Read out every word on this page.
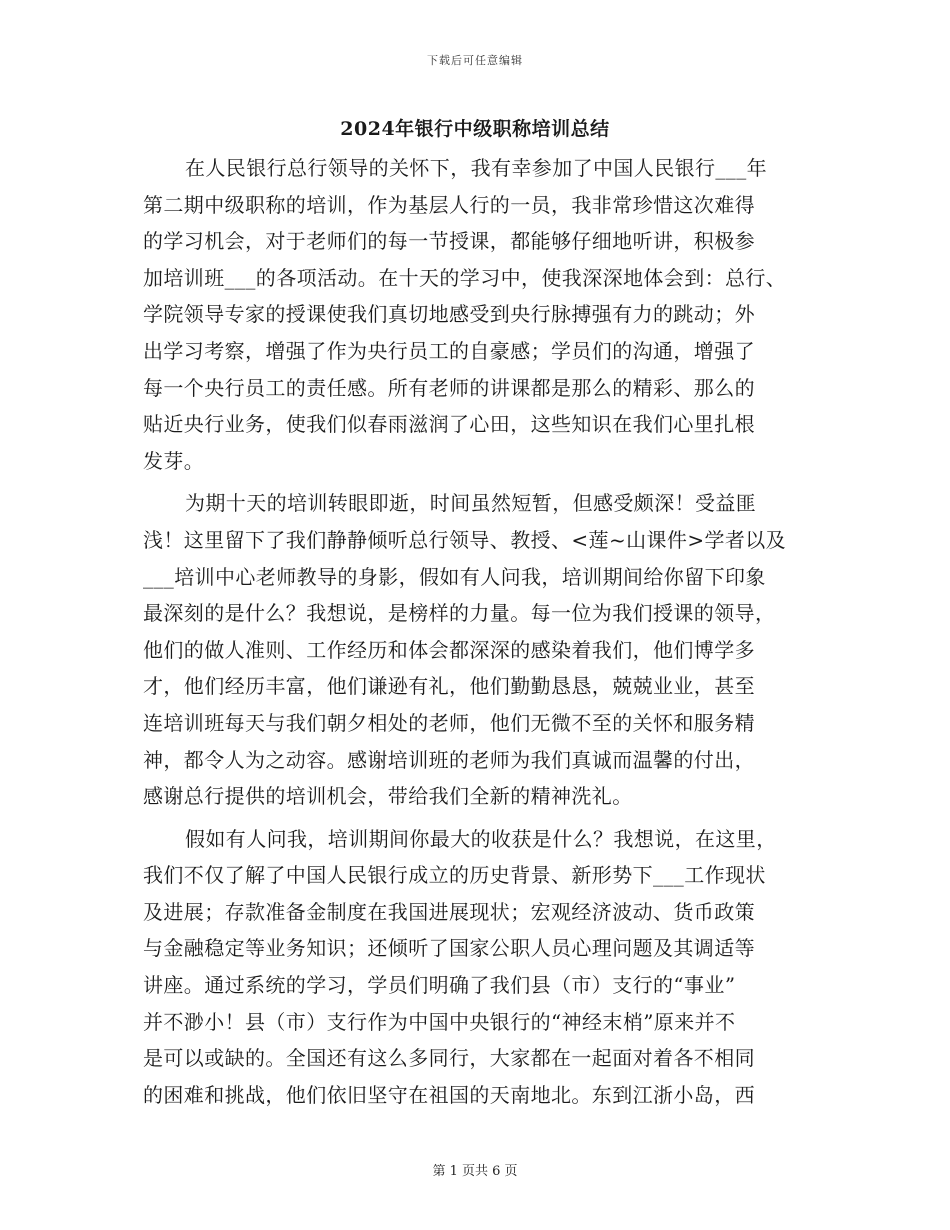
下载后可任意编辑
2024年银行中级职称培训总结
在人民银行总行领导的关怀下，我有幸参加了中国人民银行___年
第二期中级职称的培训，作为基层人行的一员，我非常珍惜这次难得
的学习机会，对于老师们的每一节授课，都能够仔细地听讲，积极参
加培训班___的各项活动。在十天的学习中，使我深深地体会到：总行、
学院领导专家的授课使我们真切地感受到央行脉搏强有力的跳动；外
出学习考察，增强了作为央行员工的自豪感；学员们的沟通，增强了
每一个央行员工的责任感。所有老师的讲课都是那么的精彩、那么的
贴近央行业务，使我们似春雨滋润了心田，这些知识在我们心里扎根
发芽。
为期十天的培训转眼即逝，时间虽然短暂，但感受颇深！受益匪
浅！这里留下了我们静静倾听总行领导、教授、<莲~山课件>学者以及
___培训中心老师教导的身影，假如有人问我，培训期间给你留下印象
最深刻的是什么？我想说，是榜样的力量。每一位为我们授课的领导，
他们的做人准则、工作经历和体会都深深的感染着我们，他们博学多
才，他们经历丰富，他们谦逊有礼，他们勤勤恳恳，兢兢业业，甚至
连培训班每天与我们朝夕相处的老师，他们无微不至的关怀和服务精
神，都令人为之动容。感谢培训班的老师为我们真诚而温馨的付出，
感谢总行提供的培训机会，带给我们全新的精神洗礼。
假如有人问我，培训期间你最大的收获是什么？我想说，在这里，
我们不仅了解了中国人民银行成立的历史背景、新形势下___工作现状
及进展；存款准备金制度在我国进展现状；宏观经济波动、货币政策
与金融稳定等业务知识；还倾听了国家公职人员心理问题及其调适等
讲座。通过系统的学习，学员们明确了我们县（市）支行的“事业”
并不渺小！县（市）支行作为中国中央银行的“神经末梢”原来并不
是可以或缺的。全国还有这么多同行，大家都在一起面对着各不相同
的困难和挑战，他们依旧坚守在祖国的天南地北。东到江浙小岛，西
第 1 页共 6 页
